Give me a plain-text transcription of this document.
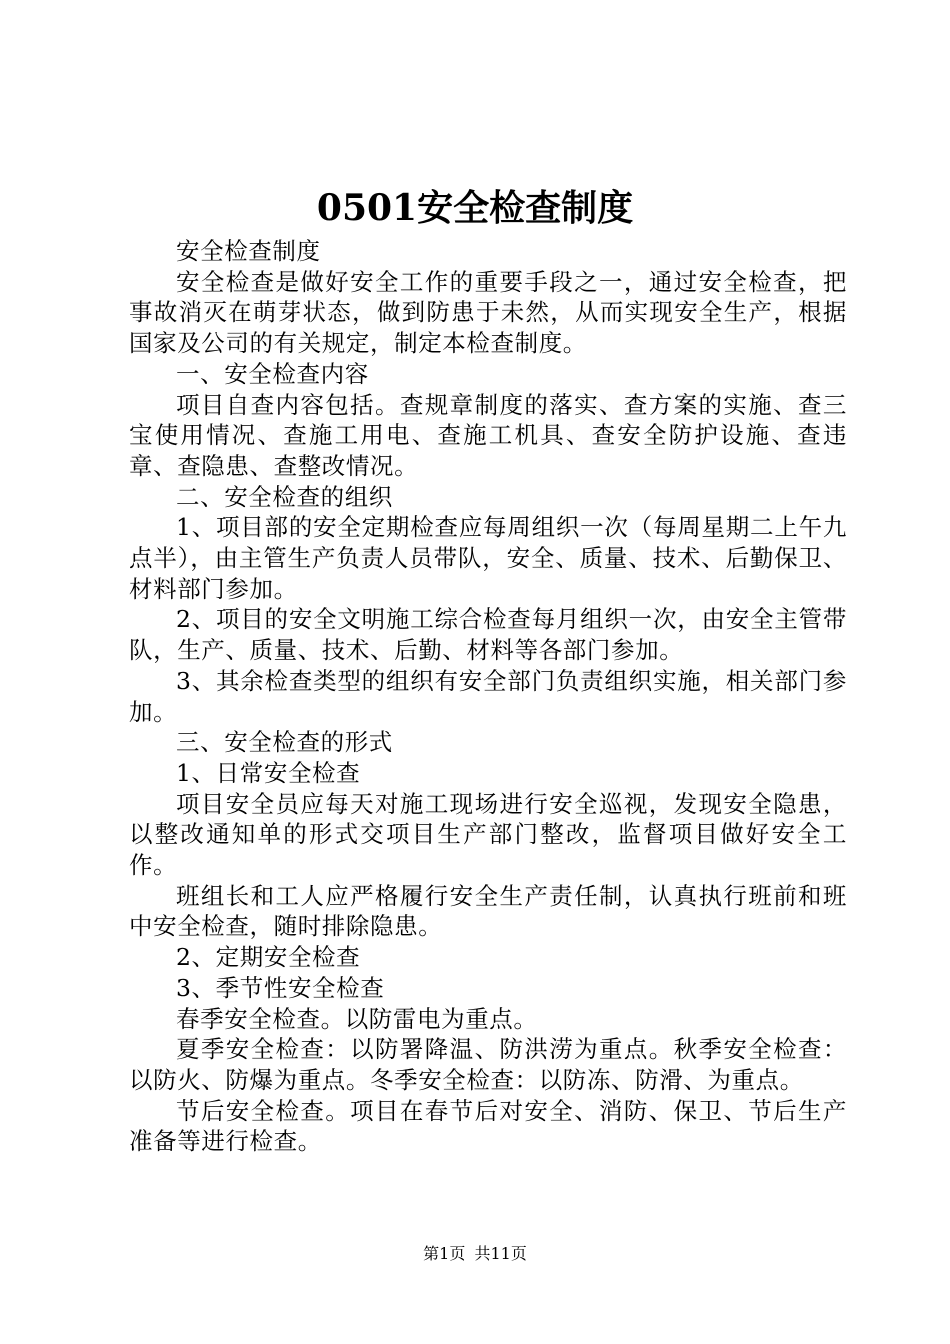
0501安全检查制度

安全检查制度

安全检查是做好安全工作的重要手段之一，通过安全检查，把事故消灭在萌芽状态，做到防患于未然，从而实现安全生产，根据国家及公司的有关规定，制定本检查制度。

一、安全检查内容

项目自查内容包括。查规章制度的落实、查方案的实施、查三宝使用情况、查施工用电、查施工机具、查安全防护设施、查违章、查隐患、查整改情况。

二、安全检查的组织

1、项目部的安全定期检查应每周组织一次（每周星期二上午九点半），由主管生产负责人员带队，安全、质量、技术、后勤保卫、材料部门参加。

2、项目的安全文明施工综合检查每月组织一次，由安全主管带队，生产、质量、技术、后勤、材料等各部门参加。

3、其余检查类型的组织有安全部门负责组织实施，相关部门参加。

三、安全检查的形式

1、日常安全检查

项目安全员应每天对施工现场进行安全巡视，发现安全隐患，以整改通知单的形式交项目生产部门整改，监督项目做好安全工作。

班组长和工人应严格履行安全生产责任制，认真执行班前和班中安全检查，随时排除隐患。

2、定期安全检查

3、季节性安全检查

春季安全检查。以防雷电为重点。

夏季安全检查：以防署降温、防洪涝为重点。秋季安全检查：以防火、防爆为重点。冬季安全检查：以防冻、防滑、为重点。

节后安全检查。项目在春节后对安全、消防、保卫、节后生产准备等进行检查。

第1页 共11页
